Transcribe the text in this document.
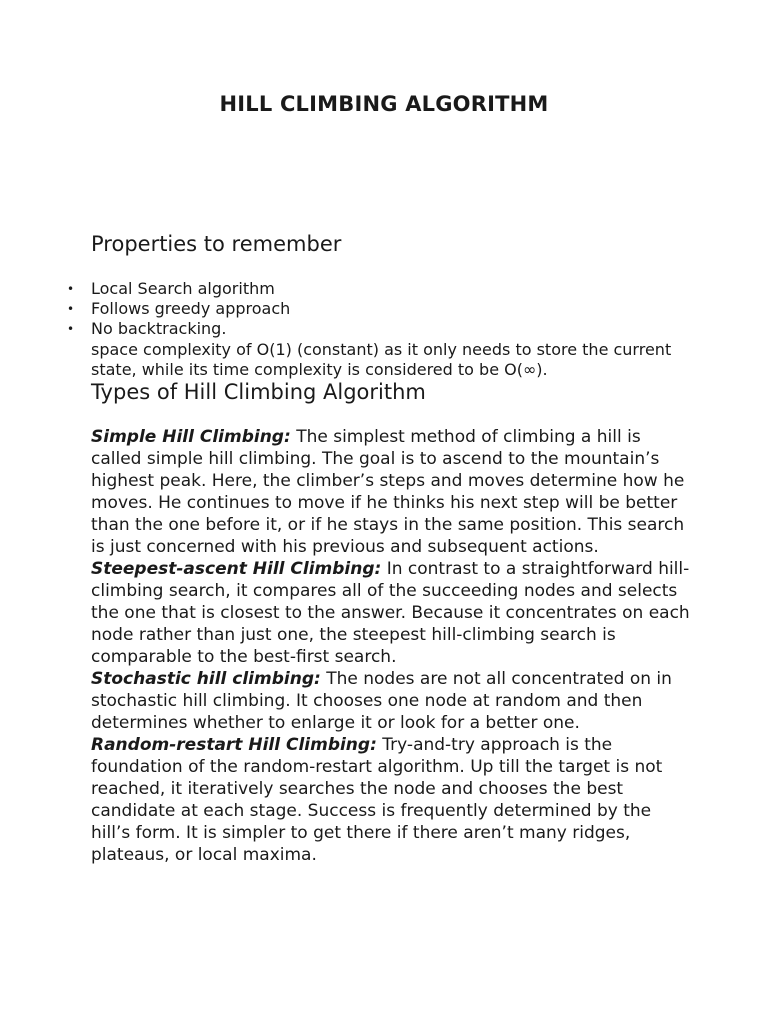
HILL CLIMBING ALGORITHM
Properties to remember
• Local Search algorithm
• Follows greedy approach
• No backtracking.

space complexity of O(1) (constant) as it only needs to store the current state, while its time complexity is considered to be O(∞).

Types of Hill Climbing Algorithm

Simple Hill Climbing: The simplest method of climbing a hill is called simple hill climbing. The goal is to ascend to the mountain’s highest peak. Here, the climber’s steps and moves determine how he moves. He continues to move if he thinks his next step will be better than the one before it, or if he stays in the same position. This search is just concerned with his previous and subsequent actions.

Steepest-ascent Hill Climbing: In contrast to a straightforward hill-climbing search, it compares all of the succeeding nodes and selects the one that is closest to the answer. Because it concentrates on each node rather than just one, the steepest hill-climbing search is comparable to the best-first search.

Stochastic hill climbing: The nodes are not all concentrated on in stochastic hill climbing. It chooses one node at random and then determines whether to enlarge it or look for a better one.

Random-restart Hill Climbing: Try-and-try approach is the foundation of the random-restart algorithm. Up till the target is not reached, it iteratively searches the node and chooses the best candidate at each stage. Success is frequently determined by the hill’s form. It is simpler to get there if there aren’t many ridges, plateaus, or local maxima.
